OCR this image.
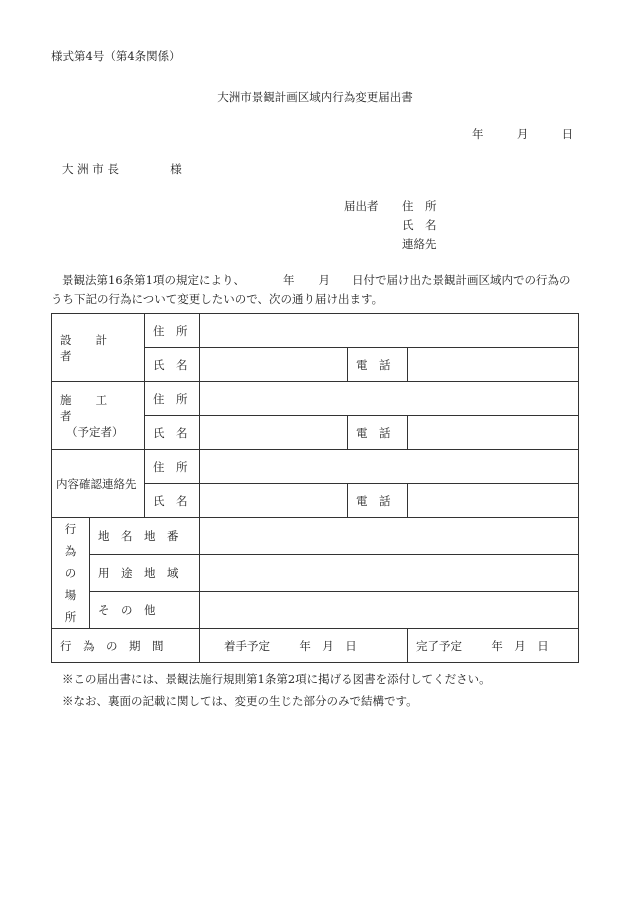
様式第4号（第4条関係）
大洲市景観計画区域内行為変更届出書
年	月	日
大 洲 市 長	様
届出者 住　所
氏　名
連絡先
景観法第16条第1項の規定により、	年 月 日付で届け出た景観計画区域内での行為の
うち下記の行為について変更したいので、次の通り届け出ます。
設　計　者		住　所			
		氏　名		電　話	

施　工　者
（予定者）		住　所			
		氏　名		電　話	
内容確認連絡先		住　所			
		氏　名		電　話	

行
為
の
場
所	地　名　地　番				
	用　途　地　域				
	そ　の　他				
行　為　の　期　間			着手予定 年　月　日		完了予定 年　月　日
※この届出書には、景観法施行規則第1条第2項に掲げる図書を添付してください。
※なお、裏面の記載に関しては、変更の生じた部分のみで結構です。
